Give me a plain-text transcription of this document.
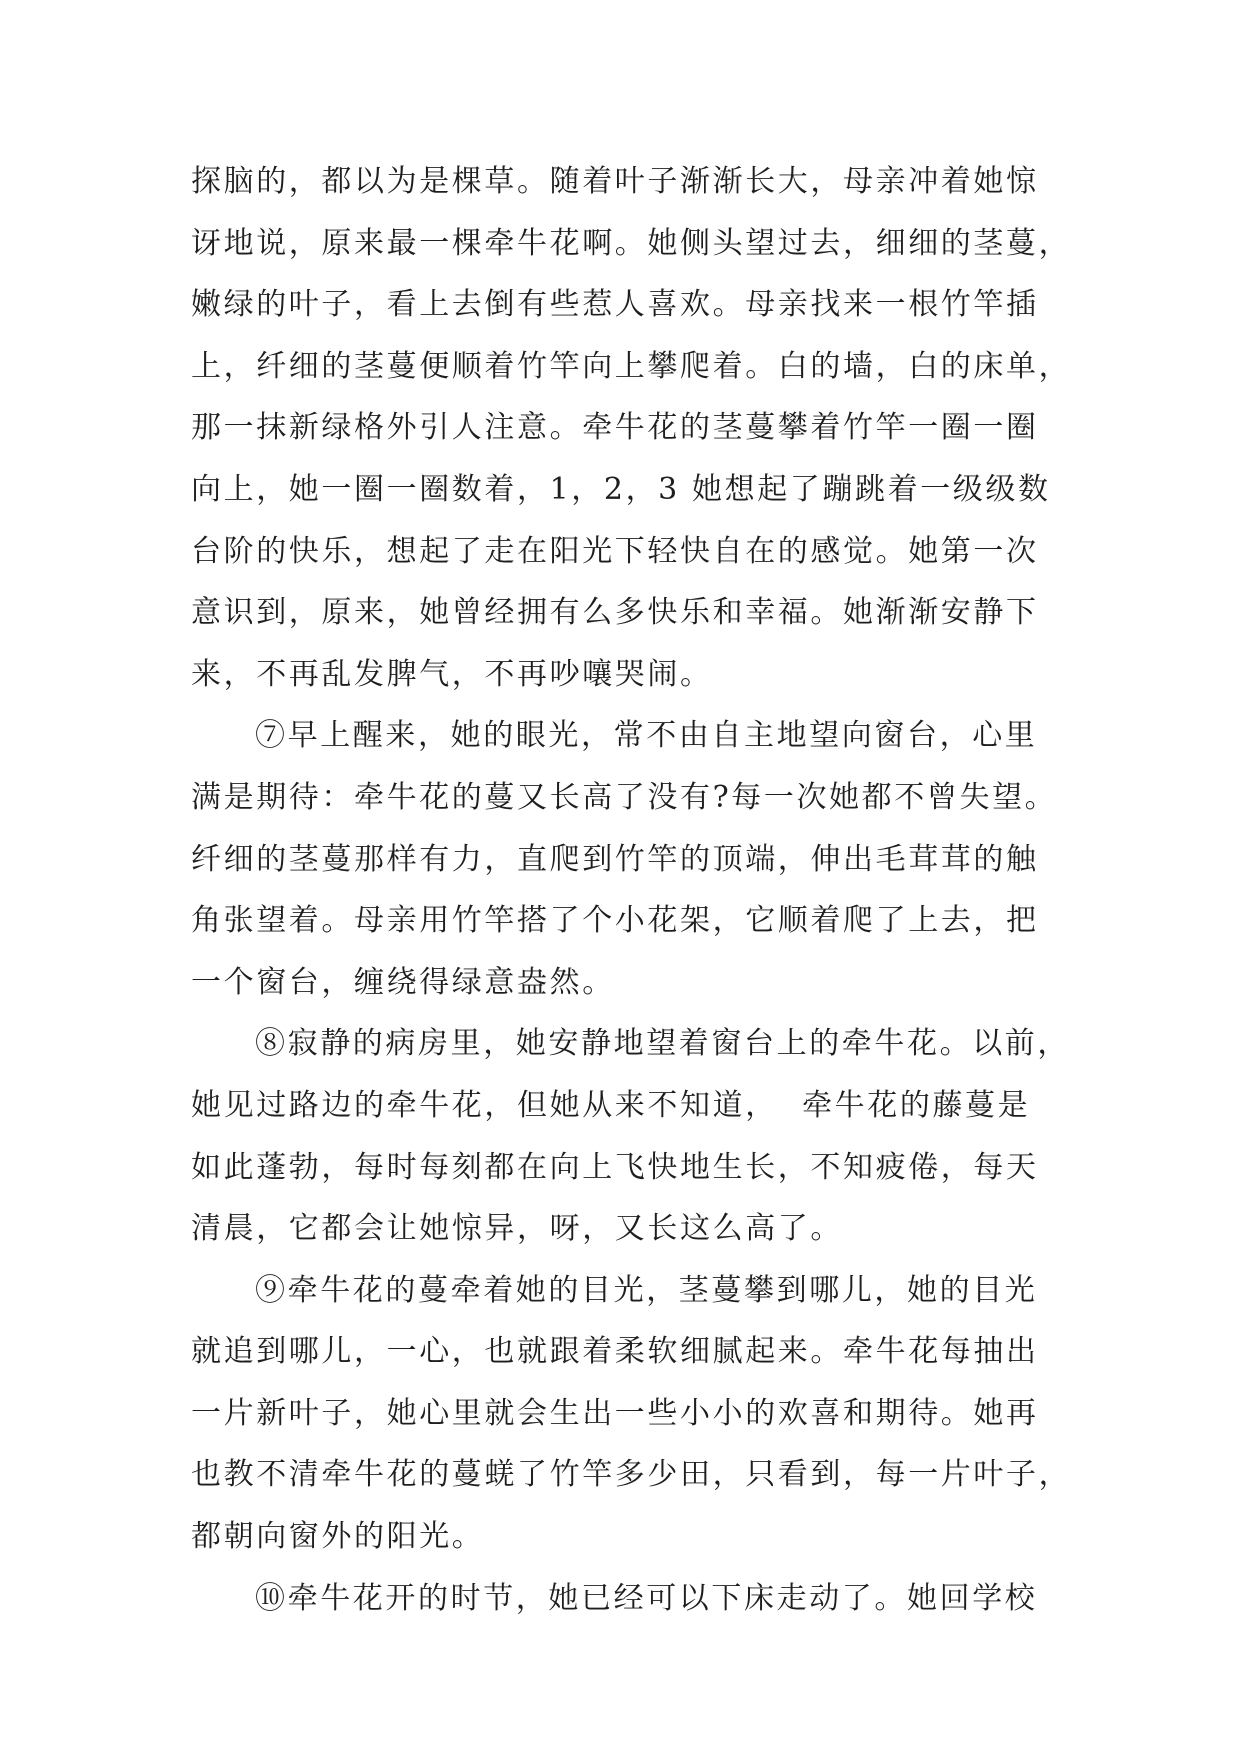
探脑的，都以为是棵草。随着叶子渐渐长大，母亲冲着她惊
讶地说，原来最一棵牵牛花啊。她侧头望过去，细细的茎蔓，
嫩绿的叶子，看上去倒有些惹人喜欢。母亲找来一根竹竿插
上，纤细的茎蔓便顺着竹竿向上攀爬着。白的墙，白的床单，
那一抹新绿格外引人注意。牵牛花的茎蔓攀着竹竿一圈一圈
向上，她一圈一圈数着，1，2，3 她想起了蹦跳着一级级数
台阶的快乐，想起了走在阳光下轻快自在的感觉。她第一次
意识到，原来，她曾经拥有么多快乐和幸福。她渐渐安静下
来，不再乱发脾气，不再吵嚷哭闹。
⑦早上醒来，她的眼光，常不由自主地望向窗台，心里
满是期待：牵牛花的蔓又长高了没有?每一次她都不曾失望。
纤细的茎蔓那样有力，直爬到竹竿的顶端，伸出毛茸茸的触
角张望着。母亲用竹竿搭了个小花架，它顺着爬了上去，把
一个窗台，缠绕得绿意盎然。
⑧寂静的病房里，她安静地望着窗台上的牵牛花。以前，
她见过路边的牵牛花，但她从来不知道，  牵牛花的藤蔓是
如此蓬勃，每时每刻都在向上飞快地生长，不知疲倦，每天
清晨，它都会让她惊异，呀，又长这么高了。
⑨牵牛花的蔓牵着她的目光，茎蔓攀到哪儿，她的目光
就追到哪儿，一心，也就跟着柔软细腻起来。牵牛花每抽出
一片新叶子，她心里就会生出一些小小的欢喜和期待。她再
也教不清牵牛花的蔓蜣了竹竿多少田，只看到，每一片叶子，
都朝向窗外的阳光。
⑩牵牛花开的时节，她已经可以下床走动了。她回学校
